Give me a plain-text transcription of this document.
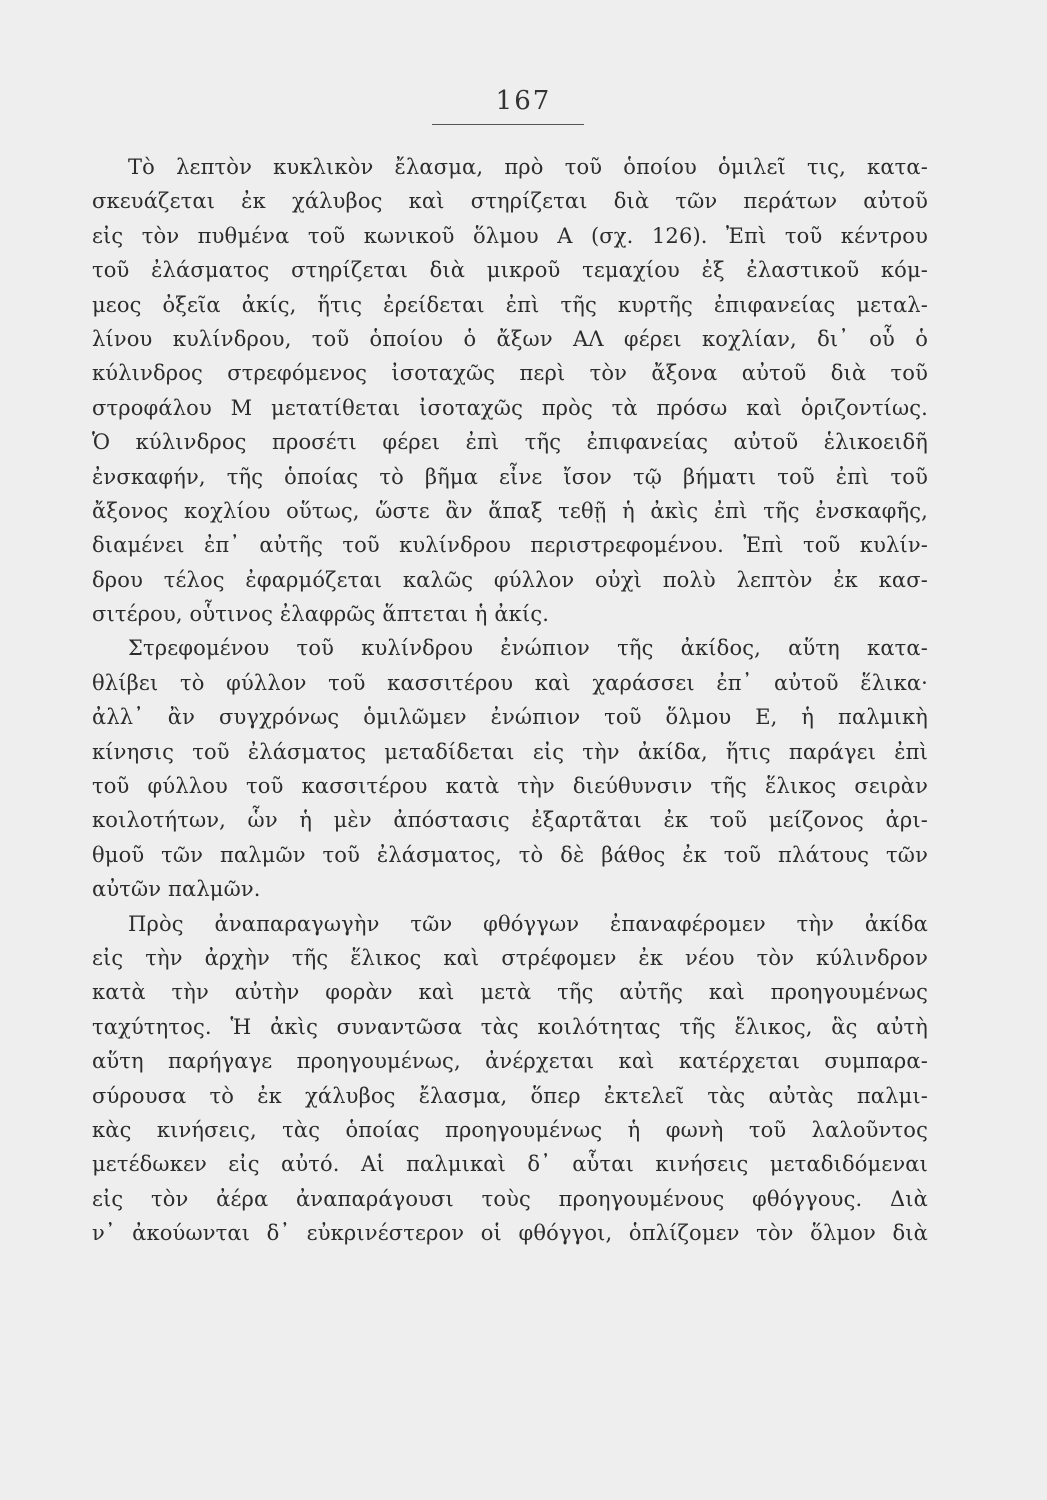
167
Τὸ λεπτὸν κυκλικὸν ἔλασμα, πρὸ τοῦ ὁποίου ὁμιλεῖ τις, κατα-
σκευάζεται ἐκ χάλυβος καὶ στηρίζεται διὰ τῶν περάτων αὐτοῦ
εἰς τὸν πυθμένα τοῦ κωνικοῦ ὅλμου Α (σχ. 126). Ἐπὶ τοῦ κέντρου
τοῦ ἐλάσματος στηρίζεται διὰ μικροῦ τεμαχίου ἐξ ἐλαστικοῦ κόμ-
μεος ὀξεῖα ἀκίς, ἥτις ἐρείδεται ἐπὶ τῆς κυρτῆς ἐπιφανείας μεταλ-
λίνου κυλίνδρου, τοῦ ὁποίου ὁ ἄξων ΑΛ φέρει κοχλίαν, δι᾽ οὗ ὁ
κύλινδρος στρεφόμενος ἰσοταχῶς περὶ τὸν ἄξονα αὐτοῦ διὰ τοῦ
στροφάλου Μ μετατίθεται ἰσοταχῶς πρὸς τὰ πρόσω καὶ ὁριζοντίως.
Ὁ κύλινδρος προσέτι φέρει ἐπὶ τῆς ἐπιφανείας αὐτοῦ ἑλικοειδῆ
ἐνσκαφήν, τῆς ὁποίας τὸ βῆμα εἶνε ἴσον τῷ βήματι τοῦ ἐπὶ τοῦ
ἄξονος κοχλίου οὕτως, ὥστε ἂν ἅπαξ τεθῇ ἡ ἀκὶς ἐπὶ τῆς ἐνσκαφῆς,
διαμένει ἐπ᾽ αὐτῆς τοῦ κυλίνδρου περιστρεφομένου. Ἐπὶ τοῦ κυλίν-
δρου τέλος ἐφαρμόζεται καλῶς φύλλον οὐχὶ πολὺ λεπτὸν ἐκ κασ-
σιτέρου, οὗτινος ἐλαφρῶς ἅπτεται ἡ ἀκίς.
Στρεφομένου τοῦ κυλίνδρου ἐνώπιον τῆς ἀκίδος, αὕτη κατα-
θλίβει τὸ φύλλον τοῦ κασσιτέρου καὶ χαράσσει ἐπ᾽ αὐτοῦ ἕλικα·
ἀλλ᾽ ἂν συγχρόνως ὁμιλῶμεν ἐνώπιον τοῦ ὅλμου Ε, ἡ παλμικὴ
κίνησις τοῦ ἐλάσματος μεταδίδεται εἰς τὴν ἀκίδα, ἥτις παράγει ἐπὶ
τοῦ φύλλου τοῦ κασσιτέρου κατὰ τὴν διεύθυνσιν τῆς ἕλικος σειρὰν
κοιλοτήτων, ὧν ἡ μὲν ἀπόστασις ἐξαρτᾶται ἐκ τοῦ μείζονος ἀρι-
θμοῦ τῶν παλμῶν τοῦ ἐλάσματος, τὸ δὲ βάθος ἐκ τοῦ πλάτους τῶν
αὐτῶν παλμῶν.
Πρὸς ἀναπαραγωγὴν τῶν φθόγγων ἐπαναφέρομεν τὴν ἀκίδα
εἰς τὴν ἀρχὴν τῆς ἕλικος καὶ στρέφομεν ἐκ νέου τὸν κύλινδρον
κατὰ τὴν αὐτὴν φορὰν καὶ μετὰ τῆς αὐτῆς καὶ προηγουμένως
ταχύτητος. Ἡ ἀκὶς συναντῶσα τὰς κοιλότητας τῆς ἕλικος, ἃς αὐτὴ
αὕτη παρήγαγε προηγουμένως, ἀνέρχεται καὶ κατέρχεται συμπαρα-
σύρουσα τὸ ἐκ χάλυβος ἔλασμα, ὅπερ ἐκτελεῖ τὰς αὐτὰς παλμι-
κὰς κινήσεις, τὰς ὁποίας προηγουμένως ἡ φωνὴ τοῦ λαλοῦντος
μετέδωκεν εἰς αὐτό. Αἱ παλμικαὶ δ᾽ αὗται κινήσεις μεταδιδόμεναι
εἰς τὸν ἀέρα ἀναπαράγουσι τοὺς προηγουμένους φθόγγους. Διὰ
ν᾽ ἀκούωνται δ᾽ εὐκρινέστερον οἱ φθόγγοι, ὁπλίζομεν τὸν ὅλμον διὰ
